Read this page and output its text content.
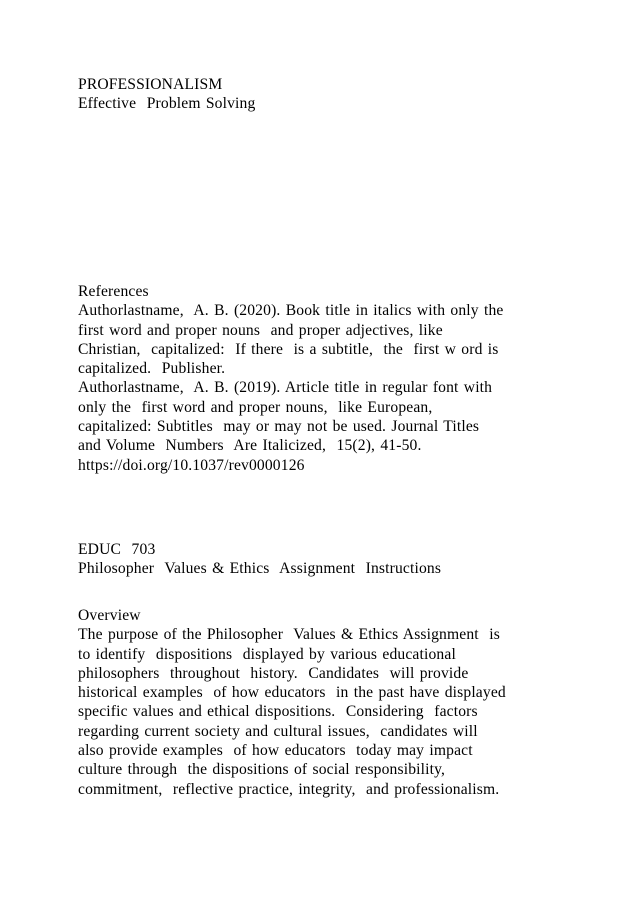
PROFESSIONALISM
Effective  Problem Solving
References
Authorlastname,  A. B. (2020). Book title in italics with only the
first word and proper nouns  and proper adjectives, like
Christian,  capitalized:  If there  is a subtitle,  the  first w ord is
capitalized.  Publisher.
Authorlastname,  A. B. (2019). Article title in regular font with
only the  first word and proper nouns,  like European,
capitalized: Subtitles  may or may not be used. Journal Titles
and Volume  Numbers  Are Italicized,  15(2), 41-50.
https://doi.org/10.1037/rev0000126
EDUC  703
Philosopher  Values & Ethics  Assignment  Instructions
Overview
The purpose of the Philosopher  Values & Ethics Assignment  is
to identify  dispositions  displayed by various educational
philosophers  throughout  history.  Candidates  will provide
historical examples  of how educators  in the past have displayed
specific values and ethical dispositions.  Considering  factors
regarding current society and cultural issues,  candidates will
also provide examples  of how educators  today may impact
culture through  the dispositions of social responsibility,
commitment,  reflective practice, integrity,  and professionalism.
